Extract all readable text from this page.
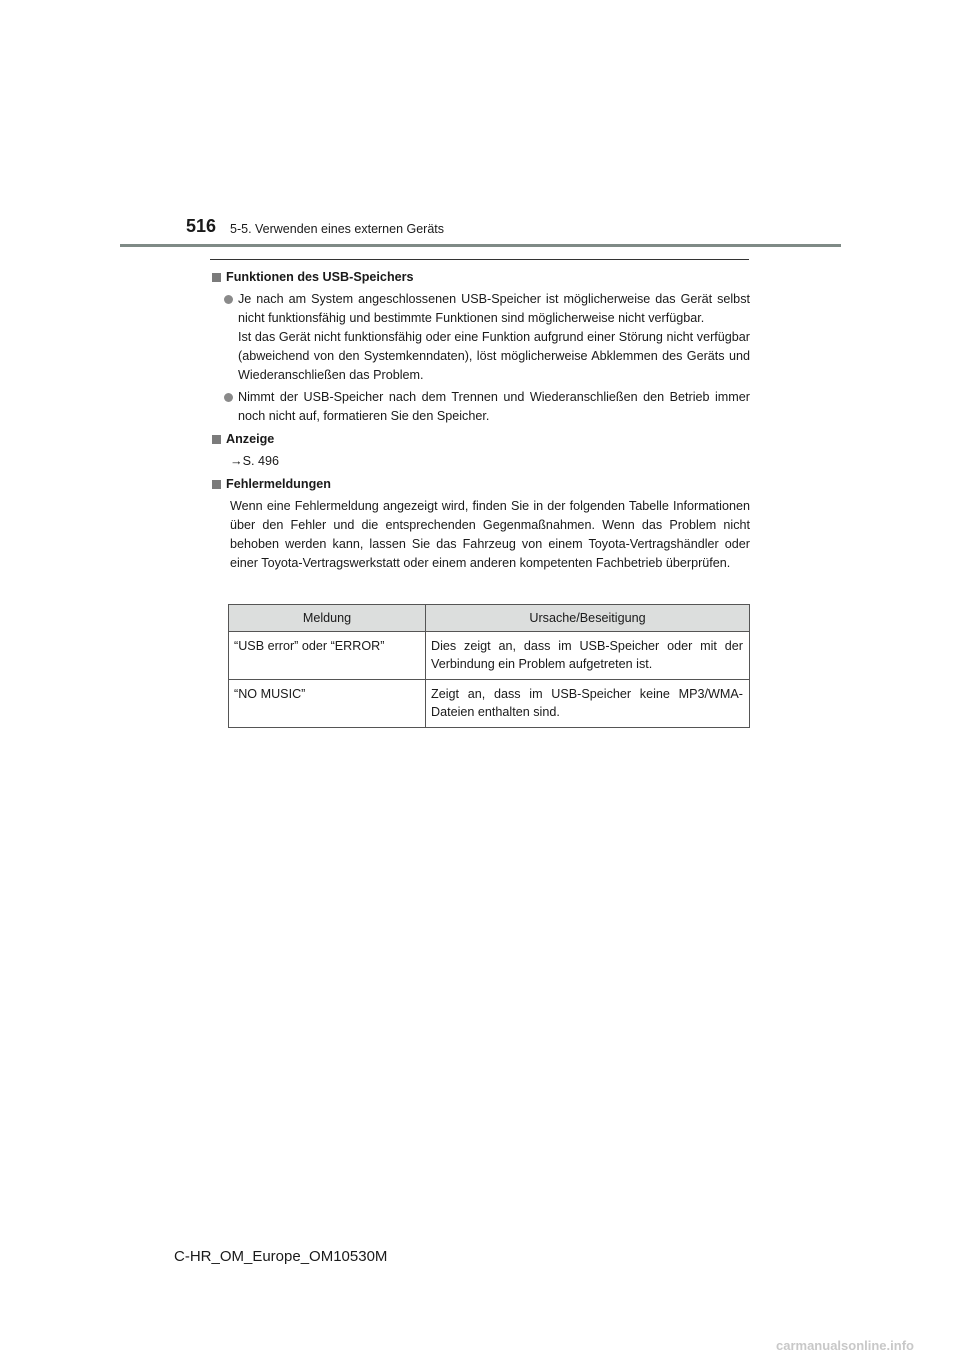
516 5-5. Verwenden eines externen Geräts
Funktionen des USB-Speichers

Je nach am System angeschlossenen USB-Speicher ist möglicherweise das Gerät selbst nicht funktionsfähig und bestimmte Funktionen sind möglicherweise nicht verfügbar.

Ist das Gerät nicht funktionsfähig oder eine Funktion aufgrund einer Störung nicht verfügbar (abweichend von den Systemkenndaten), löst möglicherweise Abklemmen des Geräts und Wiederanschließen das Problem.

Nimmt der USB-Speicher nach dem Trennen und Wiederanschließen den Betrieb immer noch nicht auf, formatieren Sie den Speicher.

Anzeige
→S. 496
Fehlermeldungen

Wenn eine Fehlermeldung angezeigt wird, finden Sie in der folgenden Tabelle Informationen über den Fehler und die entsprechenden Gegenmaßnahmen. Wenn das Problem nicht behoben werden kann, lassen Sie das Fahrzeug von einem Toyota-Vertragshändler oder einer Toyota-Vertragswerkstatt oder einem anderen kompetenten Fachbetrieb überprüfen.

Meldung	Ursache/Beseitigung
“USB error” oder “ERROR”	Dies zeigt an, dass im USB-Speicher oder mit der Verbindung ein Problem aufgetreten ist.
“NO MUSIC”	Zeigt an, dass im USB-Speicher keine MP3/WMA-Dateien enthalten sind.
C-HR_OM_Europe_OM10530M
carmanualsonline.info
